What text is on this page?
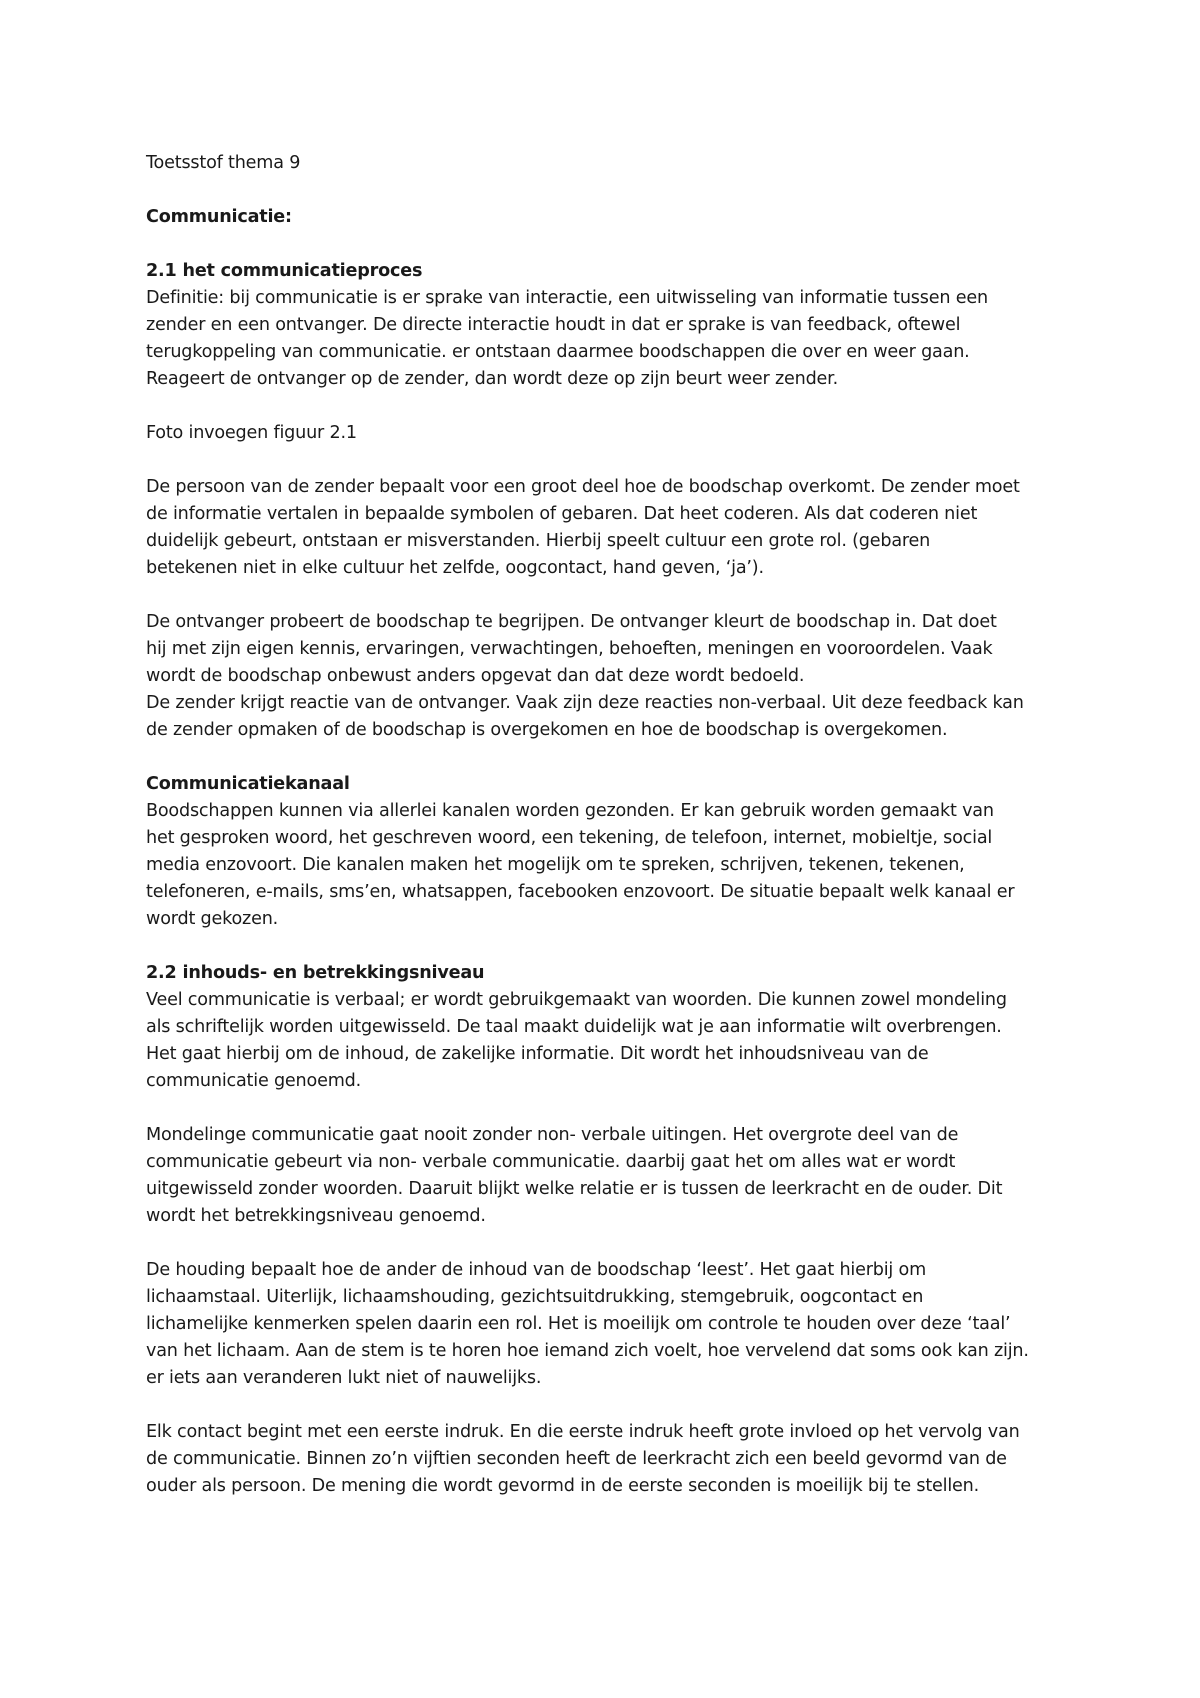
Toetsstof thema 9

Communicatie:

2.1 het communicatieproces
Definitie: bij communicatie is er sprake van interactie, een uitwisseling van informatie tussen een
zender en een ontvanger. De directe interactie houdt in dat er sprake is van feedback, oftewel
terugkoppeling van communicatie. er ontstaan daarmee boodschappen die over en weer gaan.
Reageert de ontvanger op de zender, dan wordt deze op zijn beurt weer zender.

Foto invoegen figuur 2.1

De persoon van de zender bepaalt voor een groot deel hoe de boodschap overkomt. De zender moet
de informatie vertalen in bepaalde symbolen of gebaren. Dat heet coderen. Als dat coderen niet
duidelijk gebeurt, ontstaan er misverstanden. Hierbij speelt cultuur een grote rol. (gebaren
betekenen niet in elke cultuur het zelfde, oogcontact, hand geven, ‘ja’).

De ontvanger probeert de boodschap te begrijpen. De ontvanger kleurt de boodschap in. Dat doet
hij met zijn eigen kennis, ervaringen, verwachtingen, behoeften, meningen en vooroordelen. Vaak
wordt de boodschap onbewust anders opgevat dan dat deze wordt bedoeld.
De zender krijgt reactie van de ontvanger. Vaak zijn deze reacties non-verbaal. Uit deze feedback kan
de zender opmaken of de boodschap is overgekomen en hoe de boodschap is overgekomen.

Communicatiekanaal
Boodschappen kunnen via allerlei kanalen worden gezonden. Er kan gebruik worden gemaakt van
het gesproken woord, het geschreven woord, een tekening, de telefoon, internet, mobieltje, social
media enzovoort. Die kanalen maken het mogelijk om te spreken, schrijven, tekenen, tekenen,
telefoneren, e-mails, sms’en, whatsappen, facebooken enzovoort. De situatie bepaalt welk kanaal er
wordt gekozen.

2.2 inhouds- en betrekkingsniveau
Veel communicatie is verbaal; er wordt gebruikgemaakt van woorden. Die kunnen zowel mondeling
als schriftelijk worden uitgewisseld. De taal maakt duidelijk wat je aan informatie wilt overbrengen.
Het gaat hierbij om de inhoud, de zakelijke informatie. Dit wordt het inhoudsniveau van de
communicatie genoemd.

Mondelinge communicatie gaat nooit zonder non- verbale uitingen. Het overgrote deel van de
communicatie gebeurt via non- verbale communicatie. daarbij gaat het om alles wat er wordt
uitgewisseld zonder woorden. Daaruit blijkt welke relatie er is tussen de leerkracht en de ouder. Dit
wordt het betrekkingsniveau genoemd.

De houding bepaalt hoe de ander de inhoud van de boodschap ‘leest’. Het gaat hierbij om
lichaamstaal. Uiterlijk, lichaamshouding, gezichtsuitdrukking, stemgebruik, oogcontact en
lichamelijke kenmerken spelen daarin een rol. Het is moeilijk om controle te houden over deze ‘taal’
van het lichaam. Aan de stem is te horen hoe iemand zich voelt, hoe vervelend dat soms ook kan zijn.
er iets aan veranderen lukt niet of nauwelijks.

Elk contact begint met een eerste indruk. En die eerste indruk heeft grote invloed op het vervolg van
de communicatie. Binnen zo’n vijftien seconden heeft de leerkracht zich een beeld gevormd van de
ouder als persoon. De mening die wordt gevormd in de eerste seconden is moeilijk bij te stellen.
